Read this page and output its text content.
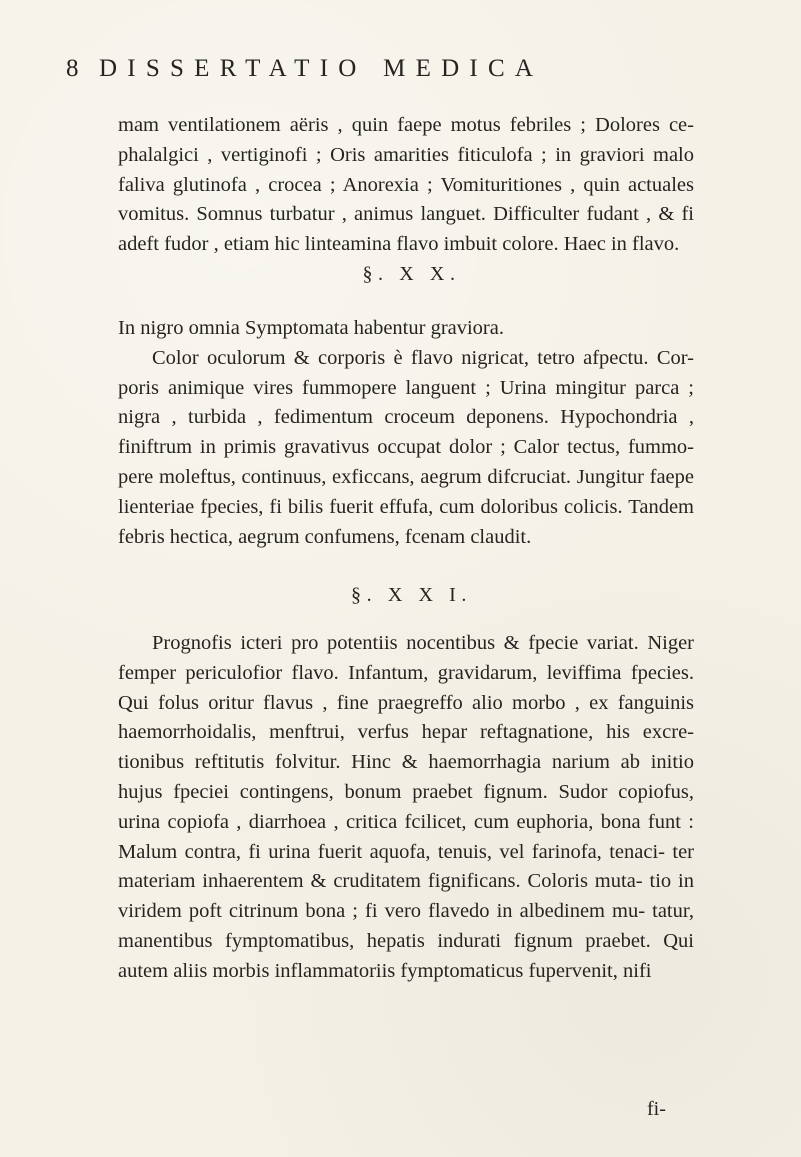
8 DISSERTATIO MEDICA

mam ventilationem aëris , quin faepe motus febriles ; Dolores ce- phalalgici , vertiginofi ; Oris amarities fiticulofa ; in graviori malo faliva glutinofa , crocea ; Anorexia ; Vomituritiones , quin actuales vomitus. Somnus turbatur , animus languet. Difficulter fudant , & fi adeft fudor , etiam hic linteamina flavo imbuit colore. Haec in flavo.

§. X X.

In nigro omnia Symptomata habentur graviora.

Color oculorum & corporis è flavo nigricat, tetro afpectu. Cor- poris animique vires fummopere languent ; Urina mingitur parca ; nigra , turbida , fedimentum croceum deponens. Hypochondria , finiftrum in primis gravativus occupat dolor ; Calor tectus, fummo- pere moleftus, continuus, exficcans, aegrum difcruciat. Jungitur faepe lienteriae fpecies, fi bilis fuerit effufa, cum doloribus colicis. Tandem febris hectica, aegrum confumens, fcenam claudit.

§. X X I.

Prognofis icteri pro potentiis nocentibus & fpecie variat. Niger femper periculofior flavo. Infantum, gravidarum, leviffima fpecies. Qui folus oritur flavus , fine praegreffo alio morbo , ex fanguinis haemorrhoidalis, menftrui, verfus hepar reftagnatione, his excre- tionibus reftitutis folvitur. Hinc & haemorrhagia narium ab initio hujus fpeciei contingens, bonum praebet fignum. Sudor copiofus, urina copiofa , diarrhoea , critica fcilicet, cum euphoria, bona funt : Malum contra, fi urina fuerit aquofa, tenuis, vel farinofa, tenaci- ter materiam inhaerentem & cruditatem fignificans. Coloris muta- tio in viridem poft citrinum bona ; fi vero flavedo in albedinem mu- tatur, manentibus fymptomatibus, hepatis indurati fignum praebet. Qui autem aliis morbis inflammatoriis fymptomaticus fupervenit, nifi

fi-
